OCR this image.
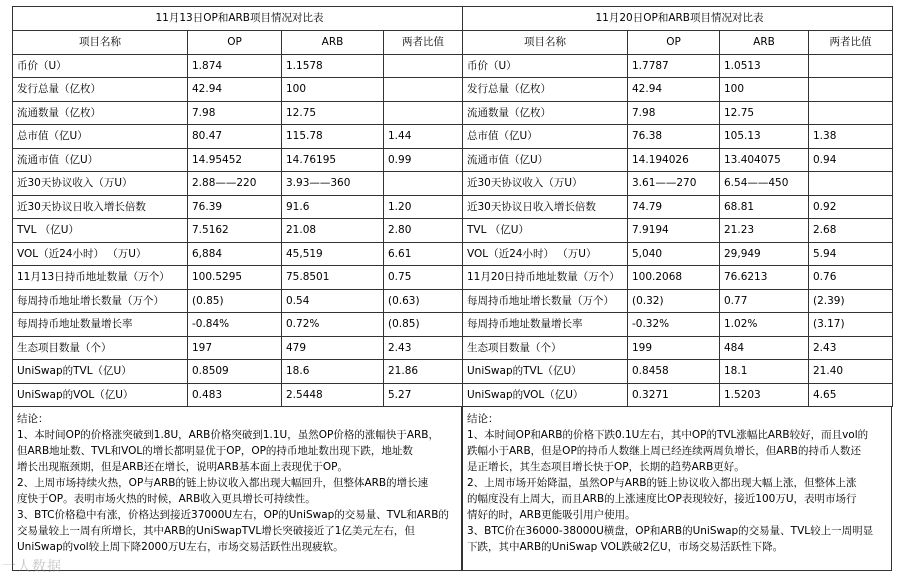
11月13日OP和ARB项目情况对比表			
项目名称	OP	ARB	两者比值
币价（U）	1.874	1.1578	
发行总量（亿枚）	42.94	100	
流通数量（亿枚）	7.98	12.75	
总市值（亿U）	80.47	115.78	1.44
流通市值（亿U）	14.95452	14.76195	0.99
近30天协议收入（万U）	2.88——220	3.93——360	
近30天协议日收入增长倍数	76.39	91.6	1.20
TVL （亿U）	7.5162	21.08	2.80
VOL（近24小时） （万U）	6,884	45,519	6.61
11月13日持币地址数量（万个）	100.5295	75.8501	0.75
每周持币地址增长数量（万个）	(0.85)	0.54	(0.63)
每周持币地址数量增长率	-0.84%	0.72%	(0.85)
生态项目数量（个）	197	479	2.43
UniSwap的TVL（亿U）	0.8509	18.6	21.86
UniSwap的VOL（亿U）	0.483	2.5448	5.27

结论：

1、本时间OP的价格涨突破到1.8U，ARB价格突破到1.1U，虽然OP价格的涨幅快于ARB，

但ARB地址数、TVL和VOL的增长都明显优于OP，OP的持币地址数出现下跌，地址数

增长出现瓶颈期，但是ARB还在增长，说明ARB基本面上表现优于OP。

2、上周市场持续火热，OP与ARB的链上协议收入都出现大幅回升，但整体ARB的增长速

度快于OP。表明市场火热的时候，ARB收入更具增长可持续性。

3、BTC价格稳中有涨，价格达到接近37000U左右，OP的UniSwap的交易量、TVL和ARB的

交易量较上一周有所增长，其中ARB的UniSwapTVL增长突破接近了1亿美元左右，但

UniSwap的vol较上周下降2000万U左右，市场交易活跃性出现疲软。

11月20日OP和ARB项目情况对比表			
项目名称	OP	ARB	两者比值
币价（U）	1.7787	1.0513	
发行总量（亿枚）	42.94	100	
流通数量（亿枚）	7.98	12.75	
总市值（亿U）	76.38	105.13	1.38
流通市值（亿U）	14.194026	13.404075	0.94
近30天协议收入（万U）	3.61——270	6.54——450	
近30天协议日收入增长倍数	74.79	68.81	0.92
TVL （亿U）	7.9194	21.23	2.68
VOL（近24小时） （万U）	5,040	29,949	5.94
11月20日持币地址数量（万个）	100.2068	76.6213	0.76
每周持币地址增长数量（万个）	(0.32)	0.77	(2.39)
每周持币地址数量增长率	-0.32%	1.02%	(3.17)
生态项目数量（个）	199	484	2.43
UniSwap的TVL（亿U）	0.8458	18.1	21.40
UniSwap的VOL（亿U）	0.3271	1.5203	4.65

结论：

1、本时间OP和ARB的价格下跌0.1U左右，其中OP的TVL涨幅比ARB较好，而且vol的

跌幅小于ARB，但是OP的持币人数继上周已经连续两周负增长，但ARB的持币人数还

是正增长，其生态项目增长快于OP，长期的趋势ARB更好。

2、上周市场开始降温，虽然OP与ARB的链上协议收入都出现大幅上涨，但整体上涨

的幅度没有上周大，而且ARB的上涨速度比OP表现较好，接近100万U，表明市场行

情好的时，ARB更能吸引用户使用。

3、BTC价在36000-38000U横盘，OP和ARB的UniSwap的交易量、TVL较上一周明显

下跌，其中ARB的UniSwap VOL跌破2亿U，市场交易活跃性下降。

一人数据
